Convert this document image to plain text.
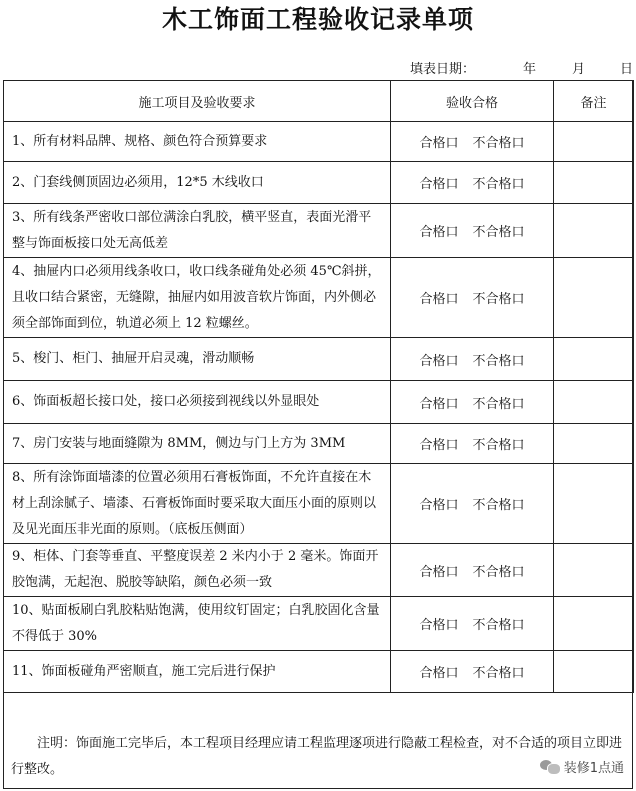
木工饰面工程验收记录单项
填表日期：	年	月	日
施工项目及验收要求	验收合格	备注
1、所有材料品牌、规格、颜色符合预算要求	合格口 不合格口	
2、门套线侧顶固边必须用，12*5 木线收口	合格口 不合格口	
3、所有线条严密收口部位满涂白乳胶，横平竖直，表面光滑平整与饰面板接口处无高低差	合格口 不合格口	
4、抽屉内口必须用线条收口，收口线条碰角处必须 45℃斜拼，且收口结合紧密，无缝隙，抽屉内如用波音软片饰面，内外侧必须全部饰面到位，轨道必须上 12 粒螺丝。	合格口 不合格口	
5、梭门、柜门、抽屉开启灵魂，滑动顺畅	合格口 不合格口	
6、饰面板超长接口处，接口必须接到视线以外显眼处	合格口 不合格口	
7、房门安装与地面缝隙为 8MM，侧边与门上方为 3MM	合格口 不合格口	
8、所有涂饰面墙漆的位置必须用石膏板饰面，不允许直接在木材上刮涂腻子、墙漆、石膏板饰面时要采取大面压小面的原则以及见光面压非光面的原则。（底板压侧面）	合格口 不合格口	
9、柜体、门套等垂直、平整度误差 2 米内小于 2 毫米。饰面开胶饱满，无起泡、脱胶等缺陷，颜色必须一致	合格口 不合格口	
10、贴面板刷白乳胶粘贴饱满，使用纹钉固定；白乳胶固化含量不得低于 30%	合格口 不合格口	
11、饰面板碰角严密顺直，施工完后进行保护	合格口 不合格口	
注明：饰面施工完毕后，本工程项目经理应请工程监理逐项进行隐蔽工程检查，对不合适的项目立即进行整改。	装修1点通
